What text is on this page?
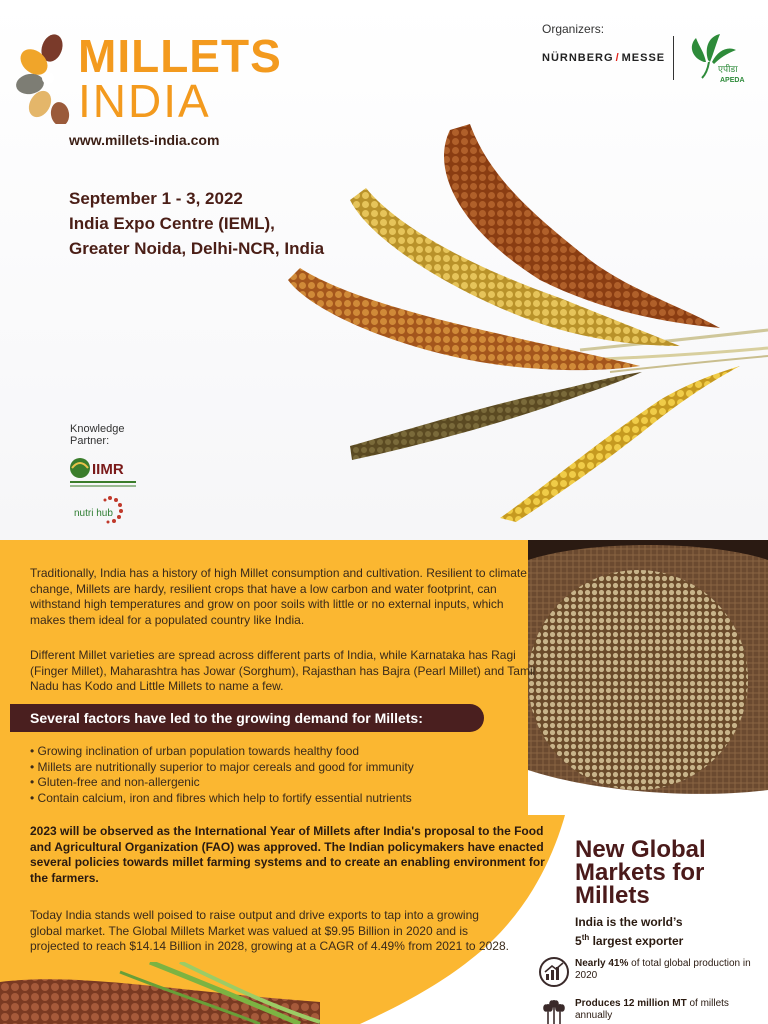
MILLETS
INDIA
www.millets-india.com
September 1 - 3, 2022
India Expo Centre (IEML),
Greater Noida, Delhi-NCR, India
Organizers:
NÜRNBERG / MESSE
एपीडा
APEDA
Knowledge
Partner:
IIMR
nutri hub

Traditionally, India has a history of high Millet consumption and cultivation. Resilient to climate change, Millets are hardy, resilient crops that have a low carbon and water footprint, can withstand high temperatures and grow on poor soils with little or no external inputs, which makes them ideal for a populated country like India.

Different Millet varieties are spread across different parts of India, while Karnataka has Ragi (Finger Millet), Maharashtra has Jowar (Sorghum), Rajasthan has Bajra (Pearl Millet) and Tamil Nadu has Kodo and Little Millets to name a few.

Several factors have led to the growing demand for Millets:
• Growing inclination of urban population towards healthy food
• Millets are nutritionally superior to major cereals and good for immunity
• Gluten-free and non-allergenic
• Contain calcium, iron and fibres which help to fortify essential nutrients

2023 will be observed as the International Year of Millets after India's proposal to the Food and Agricultural Organization (FAO) was approved. The Indian policymakers have enacted several policies towards millet farming systems and to create an enabling environment for the farmers.

Today India stands well poised to raise output and drive exports to tap into a growing global market. The Global Millets Market was valued at $9.95 Billion in 2020 and is projected to reach $14.14 Billion in 2028, growing at a CAGR of 4.49% from 2021 to 2028.

New Global
Markets for
Millets
India is the world’s
5th largest exporter
Nearly 41% of total global production in 2020
Produces 12 million MT of millets annually
